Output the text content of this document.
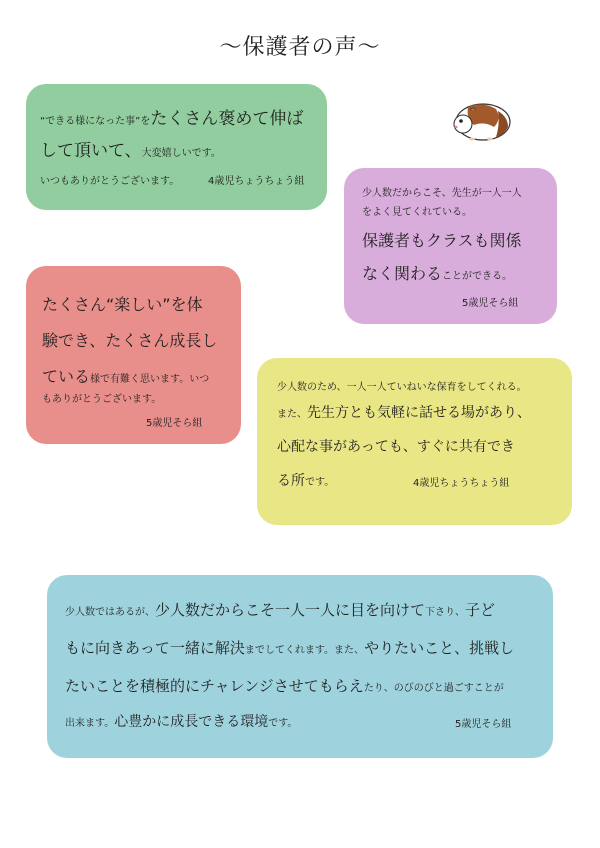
〜保護者の声〜

“できる様になった事”をたくさん褒めて伸ば

して頂いて、大変嬉しいです。

いつもありがとうございます。	4歳児ちょうちょう組

少人数だからこそ、先生が一人一人

をよく見てくれている。

保護者もクラスも関係

なく関わることができる。

5歳児そら組

たくさん“楽しい”を体

験でき、たくさん成長し

ている様で有難く思います。いつ

もありがとうございます。

5歳児そら組

少人数のため、一人一人ていねいな保育をしてくれる。

また、先生方とも気軽に話せる場があり、

心配な事があっても、すぐに共有でき

る所です。	4歳児ちょうちょう組

少人数ではあるが、少人数だからこそ一人一人に目を向けて下さり、子ど

もに向きあって一緒に解決までしてくれます。また、やりたいこと、挑戦し

たいことを積極的にチャレンジさせてもらえたり、のびのびと過ごすことが

出来ます。心豊かに成長できる環境です。	5歳児そら組
